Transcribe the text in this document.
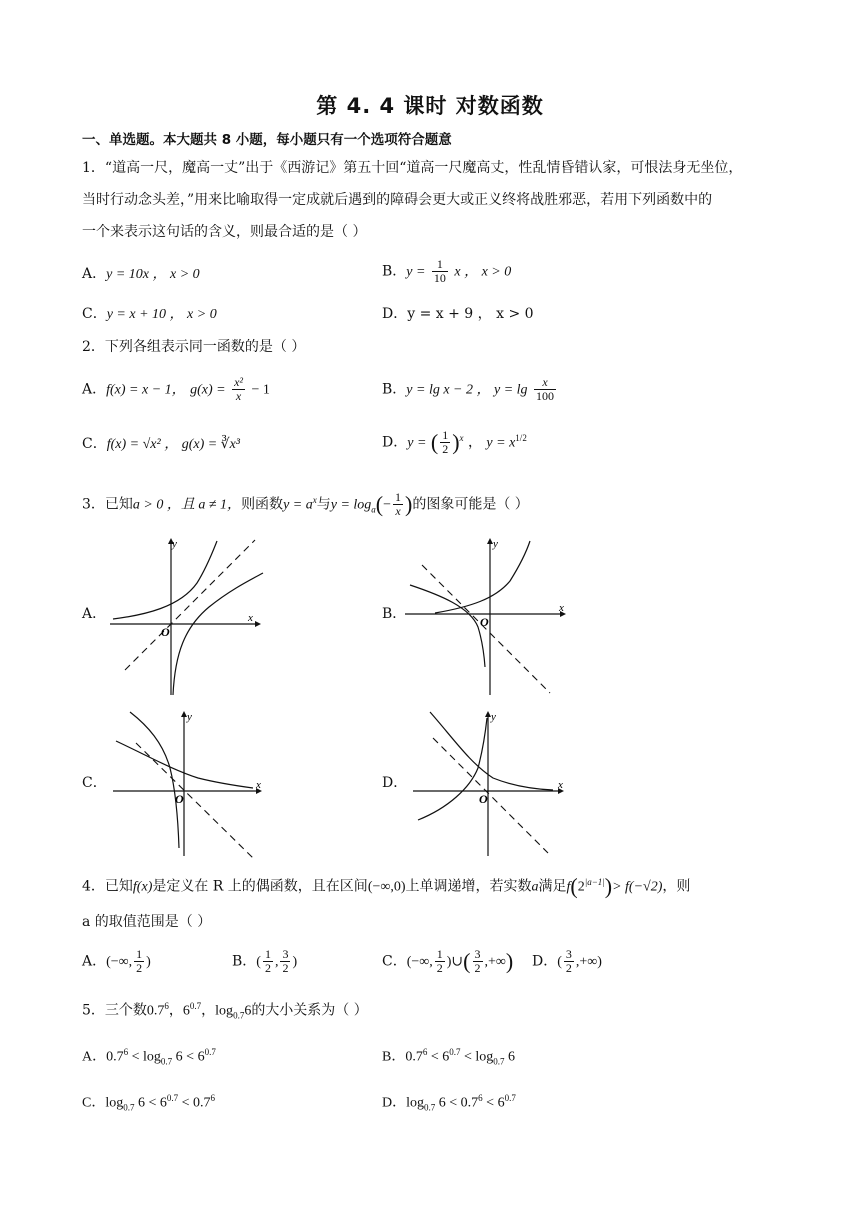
第 4. 4 课时 对数函数
一、单选题。本大题共 8 小题，每小题只有一个选项符合题意
1．“道高一尺，魔高一丈”出于《西游记》第五十回“道高一尺魔高丈，性乱情昏错认家，可恨法身无坐位，
当时行动念头差，”用来比喻取得一定成就后遇到的障碍会更大或正义终将战胜邪恶，若用下列函数中的
一个来表示这句话的含义，则最合适的是（ ）
A．y = 10x ， x > 0	B．$y = \frac{1}{10}$ x ， x > 0
C．y = x + 10 ， x > 0	D．y = x + 9 ， x > 0
2．下列各组表示同一函数的是（ ）
A．f(x) = x − 1， $g(x) = \frac{\text{x²}}{x} - 1$	B．y = lg x − 2 ， $y = \lg \frac{x}{100}$
C．f(x) = √x² ， g(x) = ∛x³	D．y = ( $\frac{1}{2} )^x$ ， $y = x^{1/2}$
3．已知a > 0 ，且 a ≠ 1，则函数$y = a^x$与$y = \log_a(- \frac{1}{x}$ )的图象可能是（ ）
A．	B．
C．	D．
y
x
O
y
x
O
y
x
O
y
x
O
4．已知f(x)是定义在 R 上的偶函数，且在区间(−∞,0)上单调递增，若实数a满足$f(2^{|a-1|})> f(-√2)$，则
a 的取值范围是（ ）
A．(−∞, $\frac{1}{2}$ )	B．( $\frac{1}{2}$ , $\frac{3}{2}$ )	C．(−∞, $\frac{1}{2}$ )∪( $\frac{3}{2}$ ,+∞) D．( $\frac{3}{2}$ ,+∞)
5．三个数$0.7^6$，$6^{0.7}$，$\log_{0.7}6$的大小关系为（ ）
A．$0.7^6 < \log_{0.7} 6 < 6^{0.7}$	B．$0.7^6 < 6^{0.7} < \log_{0.7} 6$
C．$\log_{0.7} 6 < 6^{0.7} < 0.7^6$	D．$\log_{0.7} 6 < 0.7^6 < 6^{0.7}$
